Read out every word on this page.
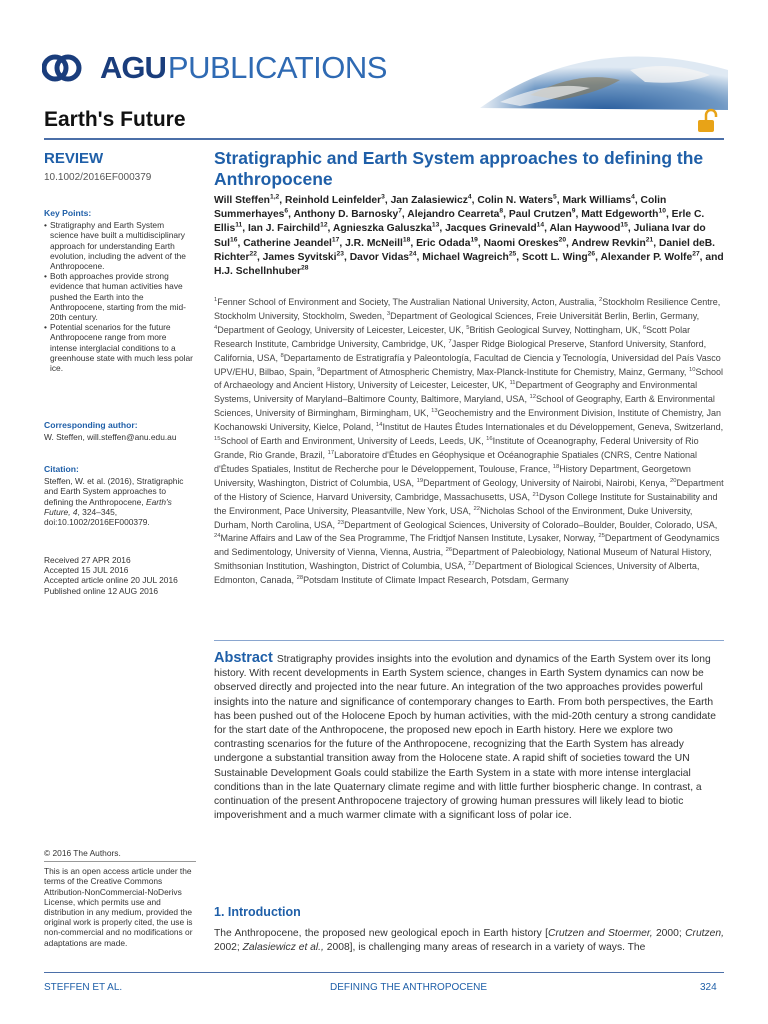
AGU PUBLICATIONS
Earth's Future
REVIEW
10.1002/2016EF000379
Key Points:
• Stratigraphy and Earth System science have built a multidisciplinary approach for understanding Earth evolution, including the advent of the Anthropocene.
• Both approaches provide strong evidence that human activities have pushed the Earth into the Anthropocene, starting from the mid-20th century.
• Potential scenarios for the future Anthropocene range from more intense interglacial conditions to a greenhouse state with much less polar ice.
Corresponding author:
W. Steffen, will.steffen@anu.edu.au
Citation:
Steffen, W. et al. (2016), Stratigraphic and Earth System approaches to defining the Anthropocene, Earth's Future, 4, 324–345, doi:10.1002/2016EF000379.
Received 27 APR 2016
Accepted 15 JUL 2016
Accepted article online 20 JUL 2016
Published online 12 AUG 2016
© 2016 The Authors.
This is an open access article under the terms of the Creative Commons Attribution-NonCommercial-NoDerivs License, which permits use and distribution in any medium, provided the original work is properly cited, the use is non-commercial and no modifications or adaptations are made.
Stratigraphic and Earth System approaches to defining the Anthropocene
Will Steffen$^{1,2}$, Reinhold Leinfelder$^3$, Jan Zalasiewicz$^4$, Colin N. Waters$^5$, Mark Williams$^4$, Colin Summerhayes$^6$, Anthony D. Barnosky$^7$, Alejandro Cearreta$^8$, Paul Crutzen$^9$, Matt Edgeworth$^{10}$, Erle C. Ellis$^{11}$, Ian J. Fairchild$^{12}$, Agnieszka Galuszka$^{13}$, Jacques Grinevald$^{14}$, Alan Haywood$^{15}$, Juliana Ivar do Sul$^{16}$, Catherine Jeandel$^{17}$, J.R. McNeill$^{18}$, Eric Odada$^{19}$, Naomi Oreskes$^{20}$, Andrew Revkin$^{21}$, Daniel deB. Richter$^{22}$, James Syvitski$^{23}$, Davor Vidas$^{24}$, Michael Wagreich$^{25}$, Scott L. Wing$^{26}$, Alexander P. Wolfe$^{27}$, and H.J. Schellnhuber$^{28}$
$^1$Fenner School of Environment and Society, The Australian National University, Acton, Australia, $^2$Stockholm Resilience Centre, Stockholm University, Stockholm, Sweden, $^3$Department of Geological Sciences, Freie Universität Berlin, Berlin, Germany, $^4$Department of Geology, University of Leicester, Leicester, UK, $^5$British Geological Survey, Nottingham, UK, $^6$Scott Polar Research Institute, Cambridge University, Cambridge, UK, $^7$Jasper Ridge Biological Preserve, Stanford University, Stanford, California, USA, $^8$Departamento de Estratigrafía y Paleontología, Facultad de Ciencia y Tecnología, Universidad del País Vasco UPV/EHU, Bilbao, Spain, $^9$Department of Atmospheric Chemistry, Max-Planck-Institute for Chemistry, Mainz, Germany, $^{10}$School of Archaeology and Ancient History, University of Leicester, Leicester, UK, $^{11}$Department of Geography and Environmental Systems, University of Maryland–Baltimore County, Baltimore, Maryland, USA, $^{12}$School of Geography, Earth & Environmental Sciences, University of Birmingham, Birmingham, UK, $^{13}$Geochemistry and the Environment Division, Institute of Chemistry, Jan Kochanowski University, Kielce, Poland, $^{14}$Institut de Hautes Études Internationales et du Développement, Geneva, Switzerland, $^{15}$School of Earth and Environment, University of Leeds, Leeds, UK, $^{16}$Institute of Oceanography, Federal University of Rio Grande, Rio Grande, Brazil, $^{17}$Laboratoire d'Études en Géophysique et Océanographie Spatiales (CNRS, Centre National d'Études Spatiales, Institut de Recherche pour le Développement, Toulouse, France, $^{18}$History Department, Georgetown University, Washington, District of Columbia, USA, $^{19}$Department of Geology, University of Nairobi, Nairobi, Kenya, $^{20}$Department of the History of Science, Harvard University, Cambridge, Massachusetts, USA, $^{21}$Dyson College Institute for Sustainability and the Environment, Pace University, Pleasantville, New York, USA, $^{22}$Nicholas School of the Environment, Duke University, Durham, North Carolina, USA, $^{23}$Department of Geological Sciences, University of Colorado–Boulder, Boulder, Colorado, USA, $^{24}$Marine Affairs and Law of the Sea Programme, The Fridtjof Nansen Institute, Lysaker, Norway, $^{25}$Department of Geodynamics and Sedimentology, University of Vienna, Vienna, Austria, $^{26}$Department of Paleobiology, National Museum of Natural History, Smithsonian Institution, Washington, District of Columbia, USA, $^{27}$Department of Biological Sciences, University of Alberta, Edmonton, Canada, $^{28}$Potsdam Institute of Climate Impact Research, Potsdam, Germany
Abstract Stratigraphy provides insights into the evolution and dynamics of the Earth System over its long history. With recent developments in Earth System science, changes in Earth System dynamics can now be observed directly and projected into the near future. An integration of the two approaches provides powerful insights into the nature and significance of contemporary changes to Earth. From both perspectives, the Earth has been pushed out of the Holocene Epoch by human activities, with the mid-20th century a strong candidate for the start date of the Anthropocene, the proposed new epoch in Earth history. Here we explore two contrasting scenarios for the future of the Anthropocene, recognizing that the Earth System has already undergone a substantial transition away from the Holocene state. A rapid shift of societies toward the UN Sustainable Development Goals could stabilize the Earth System in a state with more intense interglacial conditions than in the late Quaternary climate regime and with little further biospheric change. In contrast, a continuation of the present Anthropocene trajectory of growing human pressures will likely lead to biotic impoverishment and a much warmer climate with a significant loss of polar ice.
1. Introduction
The Anthropocene, the proposed new geological epoch in Earth history [Crutzen and Stoermer, 2000; Crutzen, 2002; Zalasiewicz et al., 2008], is challenging many areas of research in a variety of ways. The
STEFFEN ET AL.	DEFINING THE ANTHROPOCENE	324
